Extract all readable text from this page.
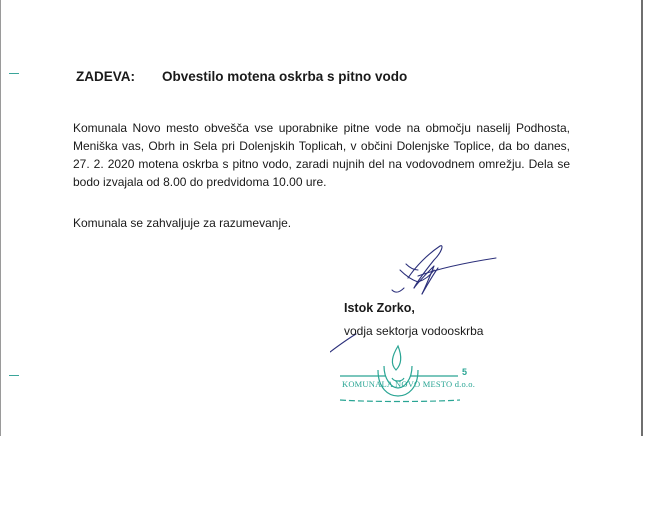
ZADEVA: Obvestilo motena oskrba s pitno vodo
Komunala Novo mesto obvešča vse uporabnike pitne vode na območju naselij Podhosta, Meniška vas, Obrh in Sela pri Dolenjskih Toplicah, v občini Dolenjske Toplice, da bo danes, 27. 2. 2020 motena oskrba s pitno vodo, zaradi nujnih del na vodovodnem omrežju. Dela se bodo izvajala od 8.00 do predvidoma 10.00 ure.
Komunala se zahvaljuje za razumevanje.
Istok Zorko,
vodja sektorja vodooskrba
KOMUNALA NOVO MESTO d.o.o.
5
